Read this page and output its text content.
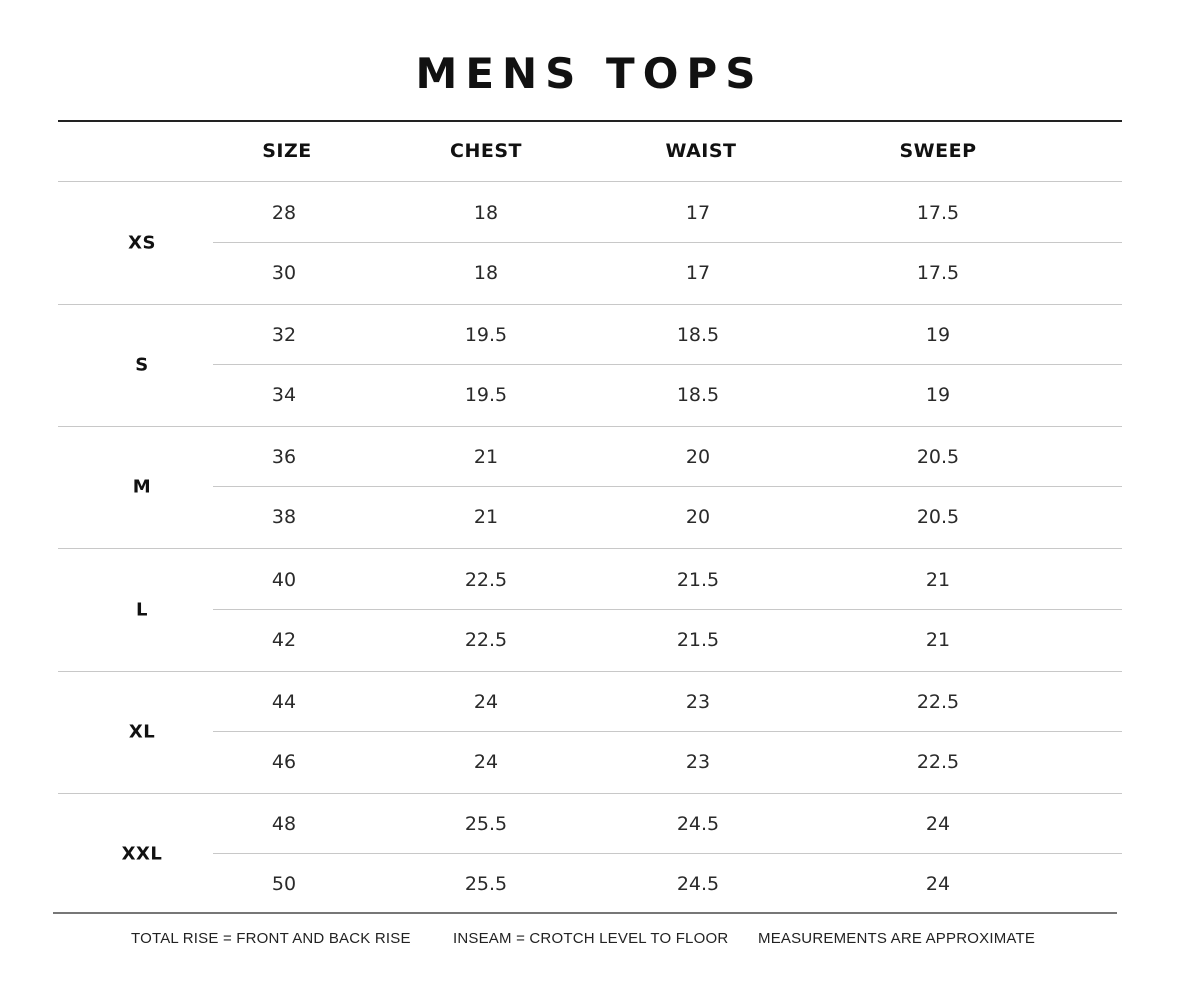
MENS TOPS
SIZE	CHEST	WAIST	SWEEP
XS
28	18	17	17.5
30	18	17	17.5
S
32	19.5	18.5	19
34	19.5	18.5	19
M
36	21	20	20.5
38	21	20	20.5
L
40	22.5	21.5	21
42	22.5	21.5	21
XL
44	24	23	22.5
46	24	23	22.5
XXL
48	25.5	24.5	24
50	25.5	24.5	24
TOTAL RISE = FRONT AND BACK RISE	INSEAM = CROTCH LEVEL TO FLOOR MEASUREMENTS ARE APPROXIMATE
